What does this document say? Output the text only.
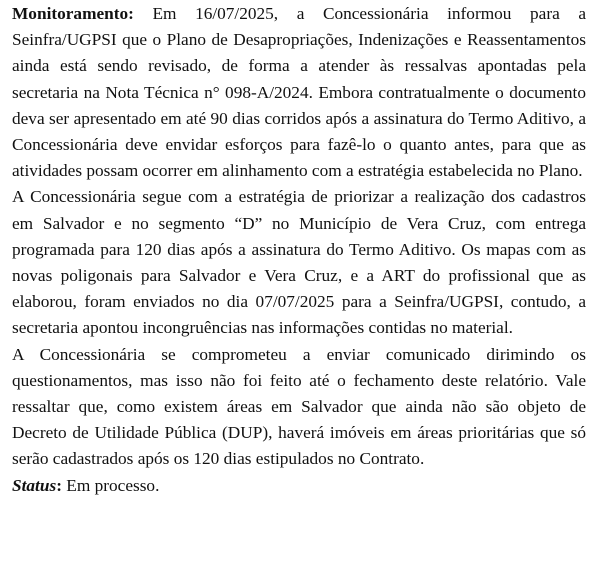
Monitoramento: Em 16/07/2025, a Concessionária informou para a Seinfra/UGPSI que o Plano de Desapropriações, Indenizações e Reassentamentos ainda está sendo revisado, de forma a atender às ressalvas apontadas pela secretaria na Nota Técnica n° 098-A/2024. Embora contratualmente o documento deva ser apresentado em até 90 dias corridos após a assinatura do Termo Aditivo, a Concessionária deve envidar esforços para fazê-lo o quanto antes, para que as atividades possam ocorrer em alinhamento com a estratégia estabelecida no Plano.

A Concessionária segue com a estratégia de priorizar a realização dos cadastros em Salvador e no segmento “D” no Município de Vera Cruz, com entrega programada para 120 dias após a assinatura do Termo Aditivo. Os mapas com as novas poligonais para Salvador e Vera Cruz, e a ART do profissional que as elaborou, foram enviados no dia 07/07/2025 para a Seinfra/UGPSI, contudo, a secretaria apontou incongruências nas informações contidas no material.

A Concessionária se comprometeu a enviar comunicado dirimindo os questionamentos, mas isso não foi feito até o fechamento deste relatório. Vale ressaltar que, como existem áreas em Salvador que ainda não são objeto de Decreto de Utilidade Pública (DUP), haverá imóveis em áreas prioritárias que só serão cadastrados após os 120 dias estipulados no Contrato.

Status: Em processo.
